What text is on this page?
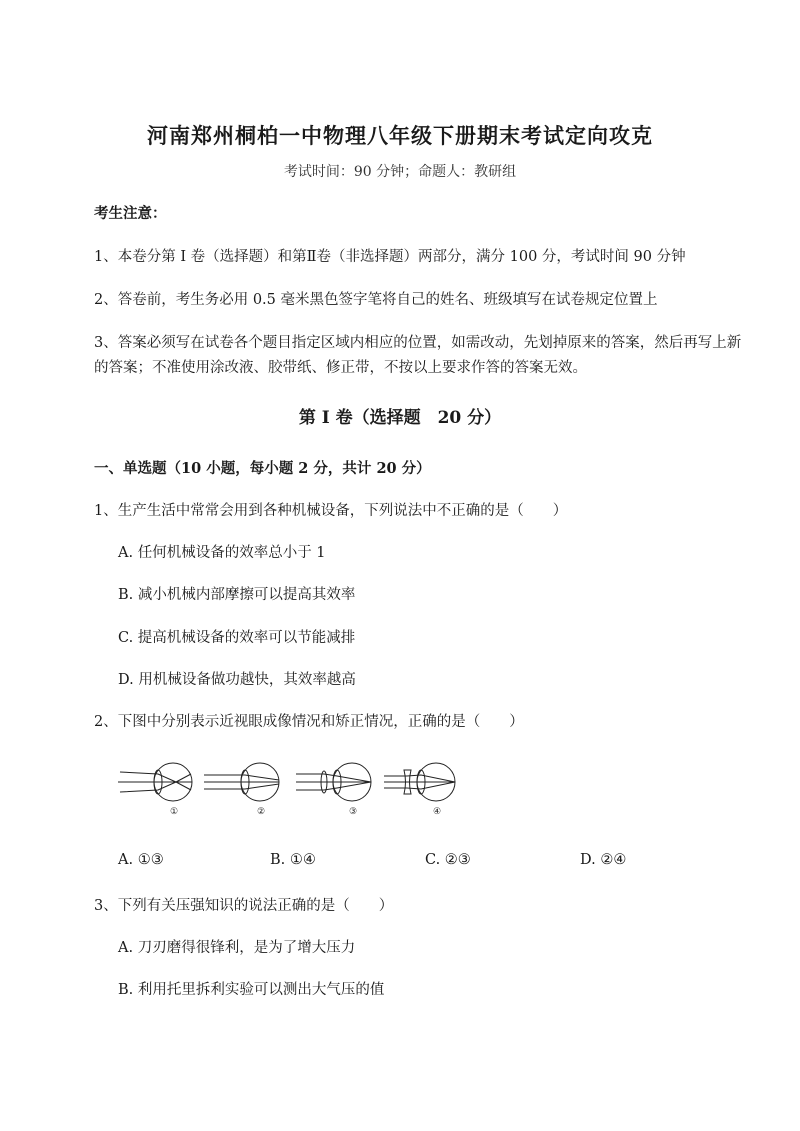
河南郑州桐柏一中物理八年级下册期末考试定向攻克
考试时间：90 分钟；命题人：教研组
考生注意：
1、本卷分第 I 卷（选择题）和第Ⅱ卷（非选择题）两部分，满分 100 分，考试时间 90 分钟
2、答卷前，考生务必用 0.5 毫米黑色签字笔将自己的姓名、班级填写在试卷规定位置上
3、答案必须写在试卷各个题目指定区域内相应的位置，如需改动，先划掉原来的答案，然后再写上新的答案；不准使用涂改液、胶带纸、修正带，不按以上要求作答的答案无效。
第 I 卷（选择题　20 分）
一、单选题（10 小题，每小题 2 分，共计 20 分）
1、生产生活中常常会用到各种机械设备，下列说法中不正确的是（　　）
A. 任何机械设备的效率总小于 1
B. 减小机械内部摩擦可以提高其效率
C. 提高机械设备的效率可以节能减排
D. 用机械设备做功越快，其效率越高
2、下图中分别表示近视眼成像情况和矫正情况，正确的是（　　）
①	②	③	④
A. ①③	B. ①④	C. ②③	D. ②④
3、下列有关压强知识的说法正确的是（　　）
A. 刀刃磨得很锋利，是为了增大压力
B. 利用托里拆利实验可以测出大气压的值
